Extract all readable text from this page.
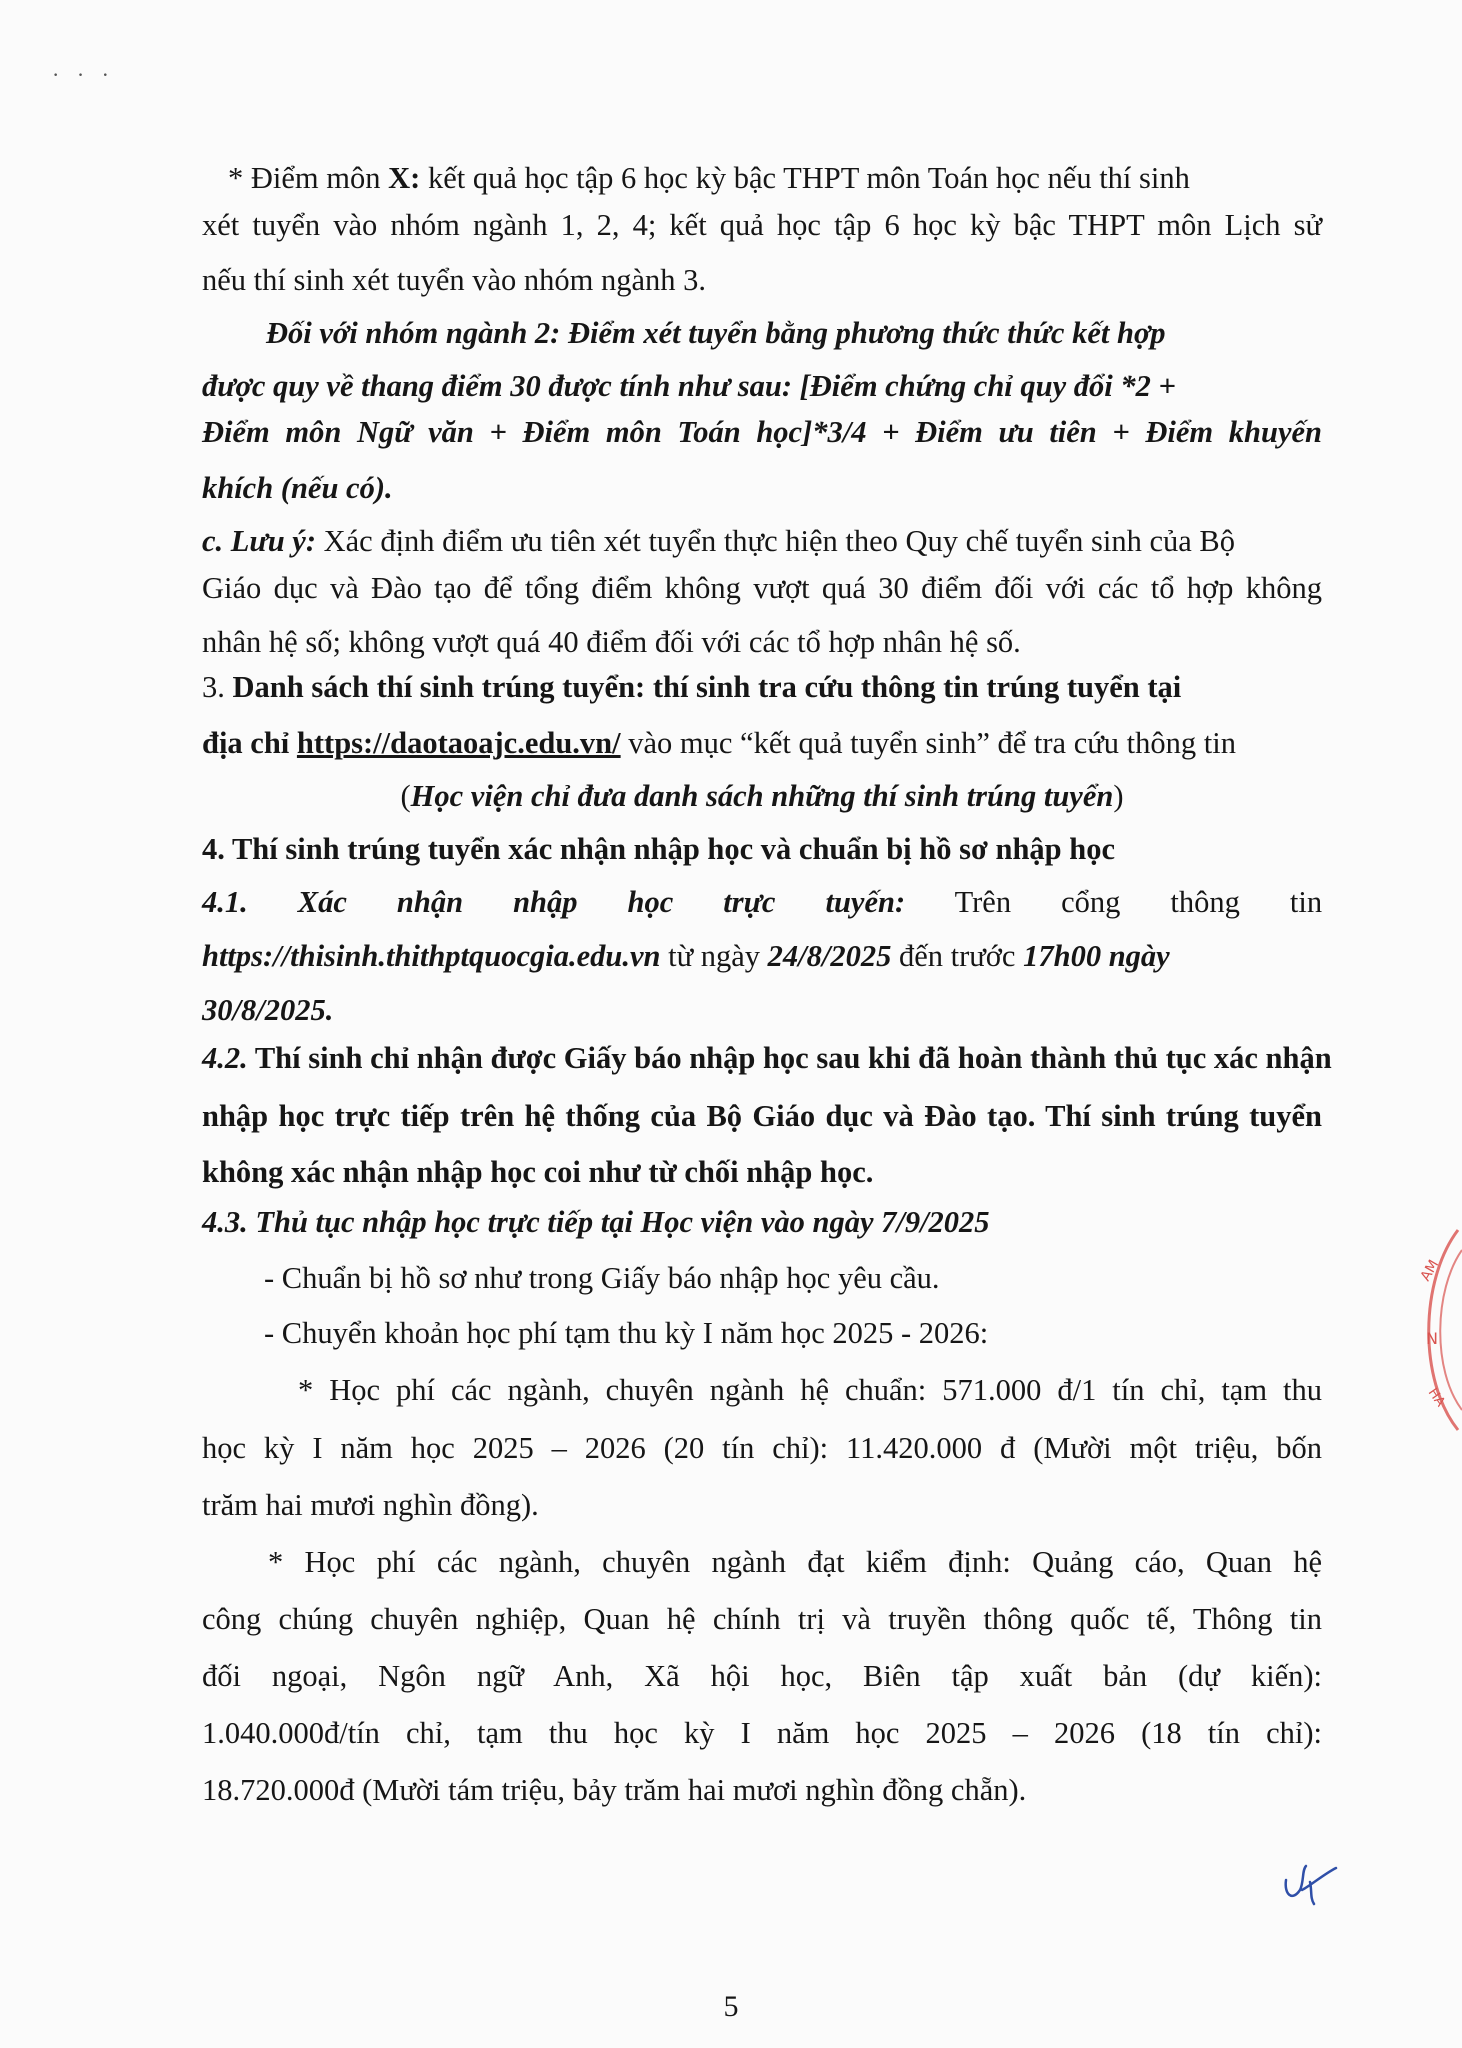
· · ·
* Điểm môn X: kết quả học tập 6 học kỳ bậc THPT môn Toán học nếu thí sinh
xét tuyển vào nhóm ngành 1, 2, 4; kết quả học tập 6 học kỳ bậc THPT môn Lịch sử
nếu thí sinh xét tuyển vào nhóm ngành 3.
Đối với nhóm ngành 2: Điểm xét tuyển bằng phương thức thức kết hợp
được quy về thang điểm 30 được tính như sau: [Điểm chứng chỉ quy đổi *2 +
Điểm môn Ngữ văn + Điểm môn Toán học]*3/4 + Điểm ưu tiên + Điểm khuyến
khích (nếu có).
c. Lưu ý: Xác định điểm ưu tiên xét tuyển thực hiện theo Quy chế tuyển sinh của Bộ
Giáo dục và Đào tạo để tổng điểm không vượt quá 30 điểm đối với các tổ hợp không
nhân hệ số; không vượt quá 40 điểm đối với các tổ hợp nhân hệ số.
3. Danh sách thí sinh trúng tuyển: thí sinh tra cứu thông tin trúng tuyển tại
địa chỉ https://daotaoajc.edu.vn/ vào mục “kết quả tuyển sinh” để tra cứu thông tin
(Học viện chỉ đưa danh sách những thí sinh trúng tuyển)
4. Thí sinh trúng tuyển xác nhận nhập học và chuẩn bị hồ sơ nhập học
4.1. Xác nhận nhập học trực tuyến: Trên cổng thông tin
https://thisinh.thithptquocgia.edu.vn từ ngày 24/8/2025 đến trước 17h00 ngày
30/8/2025.
4.2. Thí sinh chỉ nhận được Giấy báo nhập học sau khi đã hoàn thành thủ tục xác nhận
nhập học trực tiếp trên hệ thống của Bộ Giáo dục và Đào tạo. Thí sinh trúng tuyển
không xác nhận nhập học coi như từ chối nhập học.
4.3. Thủ tục nhập học trực tiếp tại Học viện vào ngày 7/9/2025
- Chuẩn bị hồ sơ như trong Giấy báo nhập học yêu cầu.
- Chuyển khoản học phí tạm thu kỳ I năm học 2025 - 2026:
* Học phí các ngành, chuyên ngành hệ chuẩn: 571.000 đ/1 tín chỉ, tạm thu
học kỳ I năm học 2025 – 2026 (20 tín chỉ): 11.420.000 đ (Mười một triệu, bốn
trăm hai mươi nghìn đồng).
* Học phí các ngành, chuyên ngành đạt kiểm định: Quảng cáo, Quan hệ
công chúng chuyên nghiệp, Quan hệ chính trị và truyền thông quốc tế, Thông tin
đối ngoại, Ngôn ngữ Anh, Xã hội học, Biên tập xuất bản (dự kiến):
1.040.000đ/tín chỉ, tạm thu học kỳ I năm học 2025 – 2026 (18 tín chỉ):
18.720.000đ (Mười tám triệu, bảy trăm hai mươi nghìn đồng chẵn).
AM
N
HA
5
